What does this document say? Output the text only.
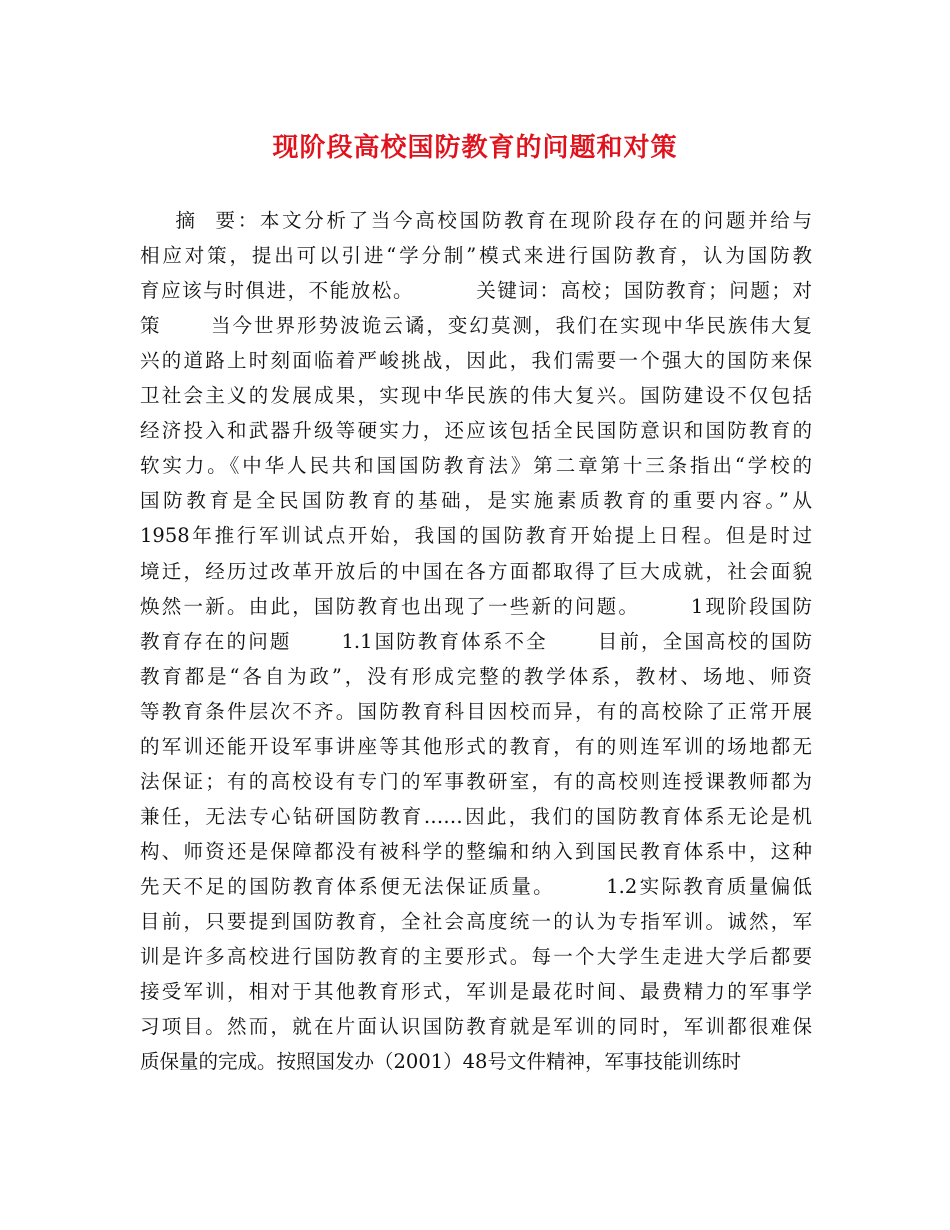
现阶段高校国防教育的问题和对策
摘  要：本文分析了当今高校国防教育在现阶段存在的问题并给与
相应对策，提出可以引进“学分制”模式来进行国防教育，认为国防教
育应该与时俱进，不能放松。        关键词：高校；国防教育；问题；对
策      当今世界形势波诡云谲，变幻莫测，我们在实现中华民族伟大复
兴的道路上时刻面临着严峻挑战，因此，我们需要一个强大的国防来保
卫社会主义的发展成果，实现中华民族的伟大复兴。国防建设不仅包括
经济投入和武器升级等硬实力，还应该包括全民国防意识和国防教育的
软实力。《中华人民共和国国防教育法》第二章第十三条指出“学校的
国防教育是全民国防教育的基础，是实施素质教育的重要内容。”从
1958年推行军训试点开始，我国的国防教育开始提上日程。但是时过
境迁，经历过改革开放后的中国在各方面都取得了巨大成就，社会面貌
焕然一新。由此，国防教育也出现了一些新的问题。      1现阶段国防
教育存在的问题      1.1国防教育体系不全      目前，全国高校的国防
教育都是“各自为政”，没有形成完整的教学体系，教材、场地、师资
等教育条件层次不齐。国防教育科目因校而异，有的高校除了正常开展
的军训还能开设军事讲座等其他形式的教育，有的则连军训的场地都无
法保证；有的高校设有专门的军事教研室，有的高校则连授课教师都为
兼任，无法专心钻研国防教育……因此，我们的国防教育体系无论是机
构、师资还是保障都没有被科学的整编和纳入到国民教育体系中，这种
先天不足的国防教育体系便无法保证质量。      1.2实际教育质量偏低
目前，只要提到国防教育，全社会高度统一的认为专指军训。诚然，军
训是许多高校进行国防教育的主要形式。每一个大学生走进大学后都要
接受军训，相对于其他教育形式，军训是最花时间、最费精力的军事学
习项目。然而，就在片面认识国防教育就是军训的同时，军训都很难保
质保量的完成。按照国发办（2001）48号文件精神，军事技能训练时
